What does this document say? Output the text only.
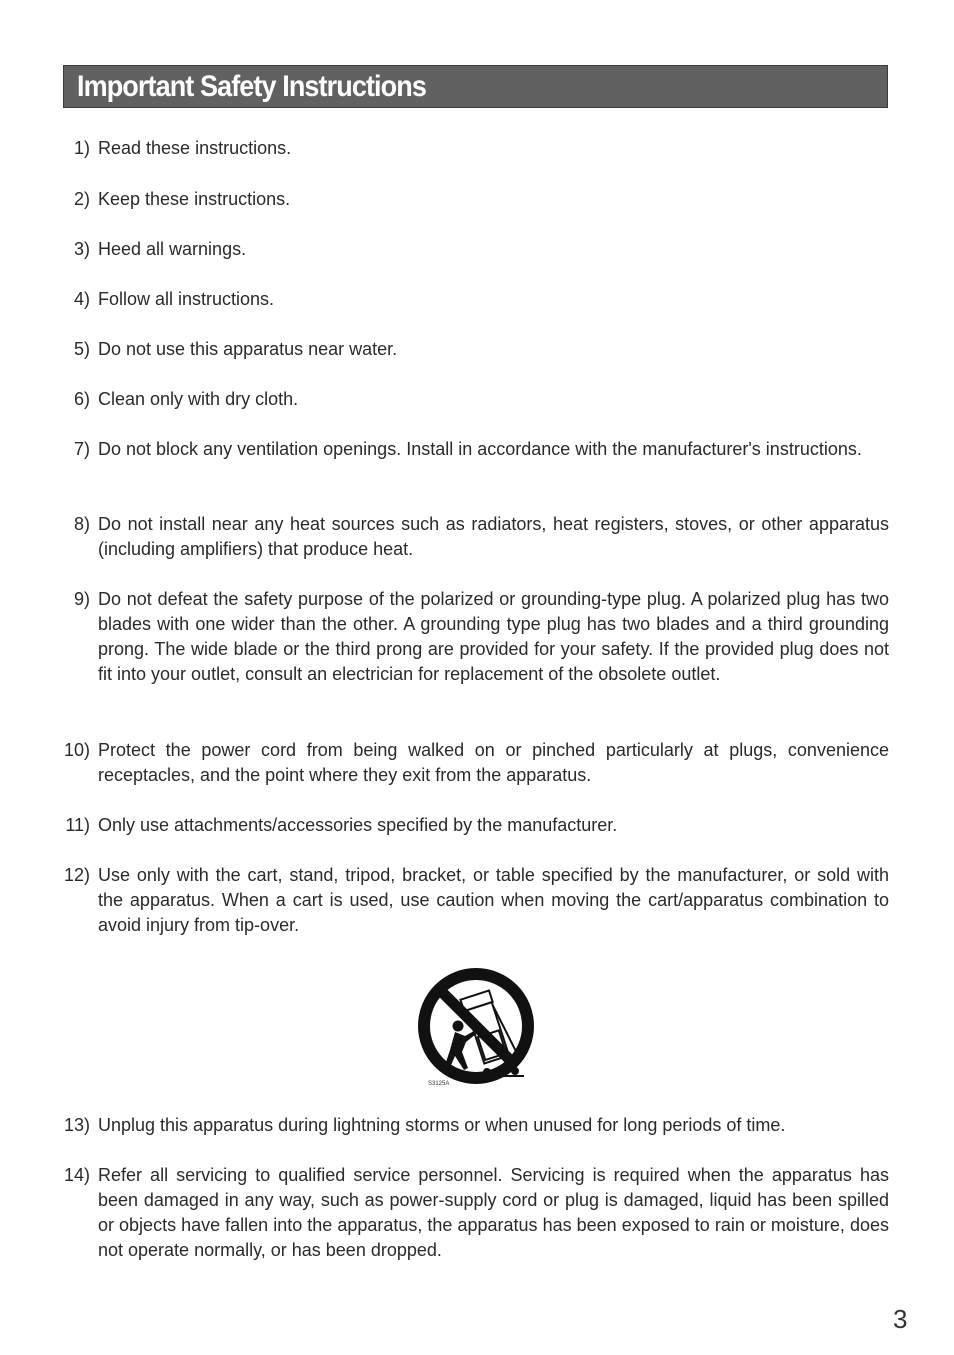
Important Safety Instructions
1) Read these instructions.
2) Keep these instructions.
3) Heed all warnings.
4) Follow all instructions.
5) Do not use this apparatus near water.
6) Clean only with dry cloth.
7) Do not block any ventilation openings. Install in accordance with the manufacturer's instructions.
8) Do not install near any heat sources such as radiators, heat registers, stoves, or other apparatus (including amplifiers) that produce heat.
9) Do not defeat the safety purpose of the polarized or grounding-type plug. A polarized plug has two blades with one wider than the other. A grounding type plug has two blades and a third grounding prong. The wide blade or the third prong are provided for your safety. If the provided plug does not fit into your outlet, consult an electrician for replacement of the obsolete outlet.
10) Protect the power cord from being walked on or pinched particularly at plugs, convenience receptacles, and the point where they exit from the apparatus.
11) Only use attachments/accessories specified by the manufacturer.
12) Use only with the cart, stand, tripod, bracket, or table specified by the manufacturer, or sold with the apparatus. When a cart is used, use caution when moving the cart/apparatus combination to avoid injury from tip-over.
13) Unplug this apparatus during lightning storms or when unused for long periods of time.
14) Refer all servicing to qualified service personnel. Servicing is required when the apparatus has been damaged in any way, such as power-supply cord or plug is damaged, liquid has been spilled or objects have fallen into the apparatus, the apparatus has been exposed to rain or moisture, does not operate normally, or has been dropped.
S3125A
3
